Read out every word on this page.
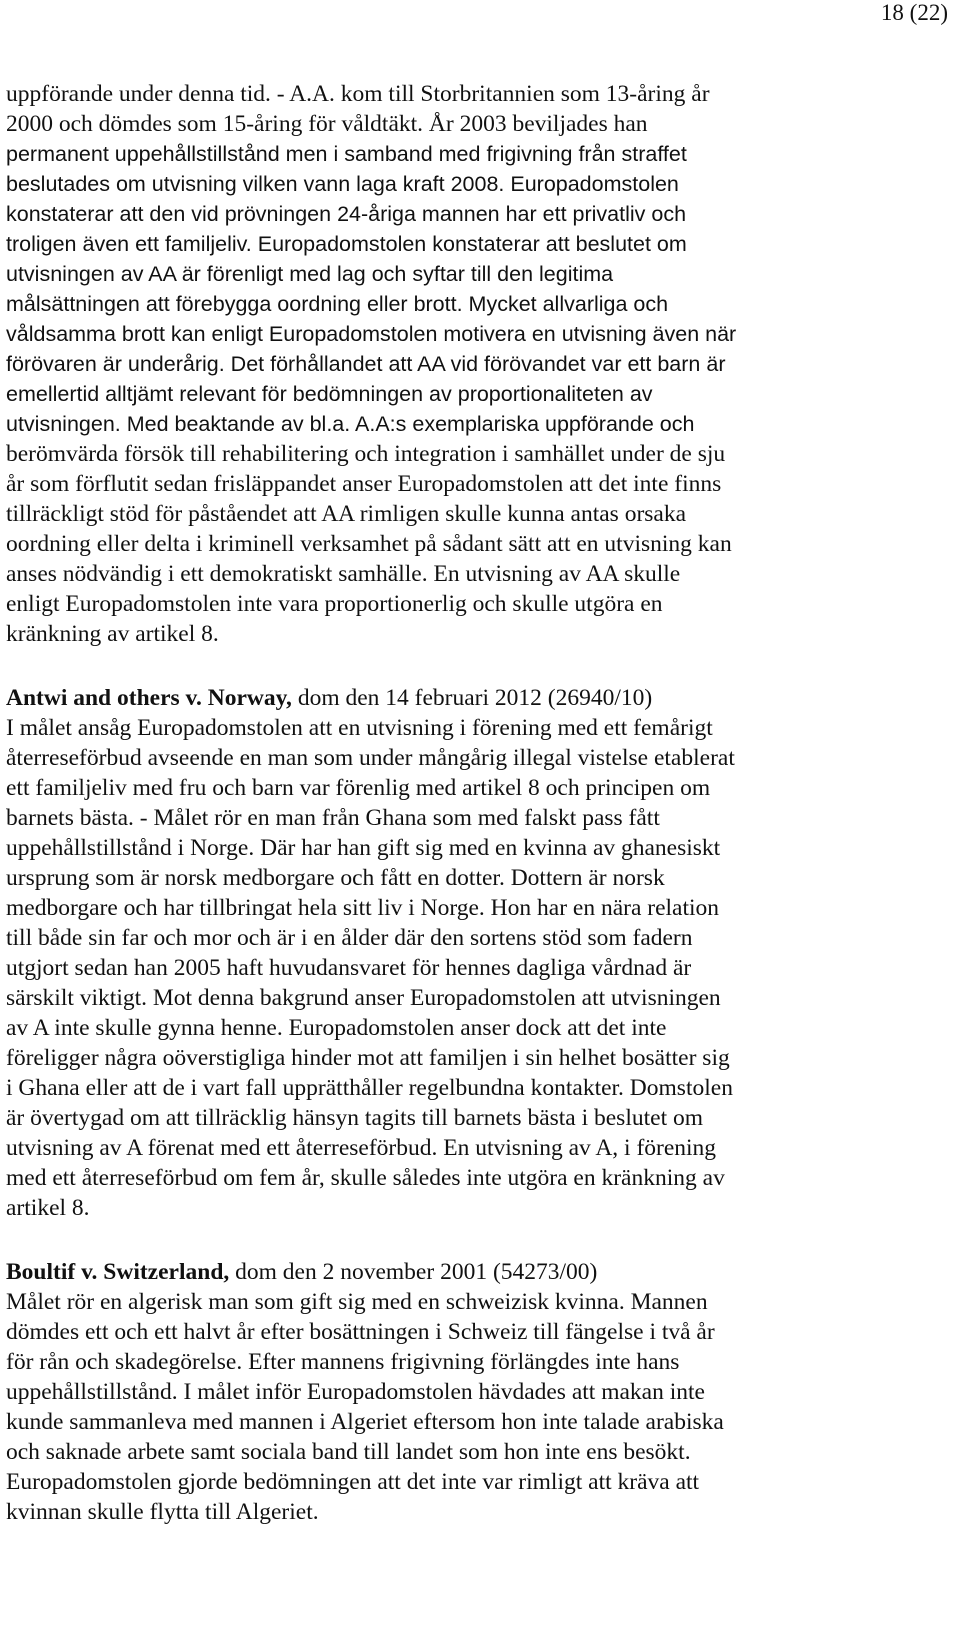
18 (22)
uppförande under denna tid. - A.A. kom till Storbritannien som 13-åring år
2000 och dömdes som 15-åring för våldtäkt. År 2003 beviljades han
permanent uppehållstillstånd men i samband med frigivning från straffet
beslutades om utvisning vilken vann laga kraft 2008. Europadomstolen
konstaterar att den vid prövningen 24-åriga mannen har ett privatliv och
troligen även ett familjeliv. Europadomstolen konstaterar att beslutet om
utvisningen av AA är förenligt med lag och syftar till den legitima
målsättningen att förebygga oordning eller brott. Mycket allvarliga och
våldsamma brott kan enligt Europadomstolen motivera en utvisning även när
förövaren är underårig. Det förhållandet att AA vid förövandet var ett barn är
emellertid alltjämt relevant för bedömningen av proportionaliteten av
utvisningen. Med beaktande av bl.a. A.A:s exemplariska uppförande och
berömvärda försök till rehabilitering och integration i samhället under de sju
år som förflutit sedan frisläppandet anser Europadomstolen att det inte finns
tillräckligt stöd för påståendet att AA rimligen skulle kunna antas orsaka
oordning eller delta i kriminell verksamhet på sådant sätt att en utvisning kan
anses nödvändig i ett demokratiskt samhälle. En utvisning av AA skulle
enligt Europadomstolen inte vara proportionerlig och skulle utgöra en
kränkning av artikel 8.
Antwi and others v. Norway, dom den 14 februari 2012 (26940/10)
I målet ansåg Europadomstolen att en utvisning i förening med ett femårigt
återreseförbud avseende en man som under mångårig illegal vistelse etablerat
ett familjeliv med fru och barn var förenlig med artikel 8 och principen om
barnets bästa. - Målet rör en man från Ghana som med falskt pass fått
uppehållstillstånd i Norge. Där har han gift sig med en kvinna av ghanesiskt
ursprung som är norsk medborgare och fått en dotter. Dottern är norsk
medborgare och har tillbringat hela sitt liv i Norge. Hon har en nära relation
till både sin far och mor och är i en ålder där den sortens stöd som fadern
utgjort sedan han 2005 haft huvudansvaret för hennes dagliga vårdnad är
särskilt viktigt. Mot denna bakgrund anser Europadomstolen att utvisningen
av A inte skulle gynna henne. Europadomstolen anser dock att det inte
föreligger några oöverstigliga hinder mot att familjen i sin helhet bosätter sig
i Ghana eller att de i vart fall upprätthåller regelbundna kontakter. Domstolen
är övertygad om att tillräcklig hänsyn tagits till barnets bästa i beslutet om
utvisning av A förenat med ett återreseförbud. En utvisning av A, i förening
med ett återreseförbud om fem år, skulle således inte utgöra en kränkning av
artikel 8.
Boultif v. Switzerland, dom den 2 november 2001 (54273/00)
Målet rör en algerisk man som gift sig med en schweizisk kvinna. Mannen
dömdes ett och ett halvt år efter bosättningen i Schweiz till fängelse i två år
för rån och skadegörelse. Efter mannens frigivning förlängdes inte hans
uppehållstillstånd. I målet inför Europadomstolen hävdades att makan inte
kunde sammanleva med mannen i Algeriet eftersom hon inte talade arabiska
och saknade arbete samt sociala band till landet som hon inte ens besökt.
Europadomstolen gjorde bedömningen att det inte var rimligt att kräva att
kvinnan skulle flytta till Algeriet.
